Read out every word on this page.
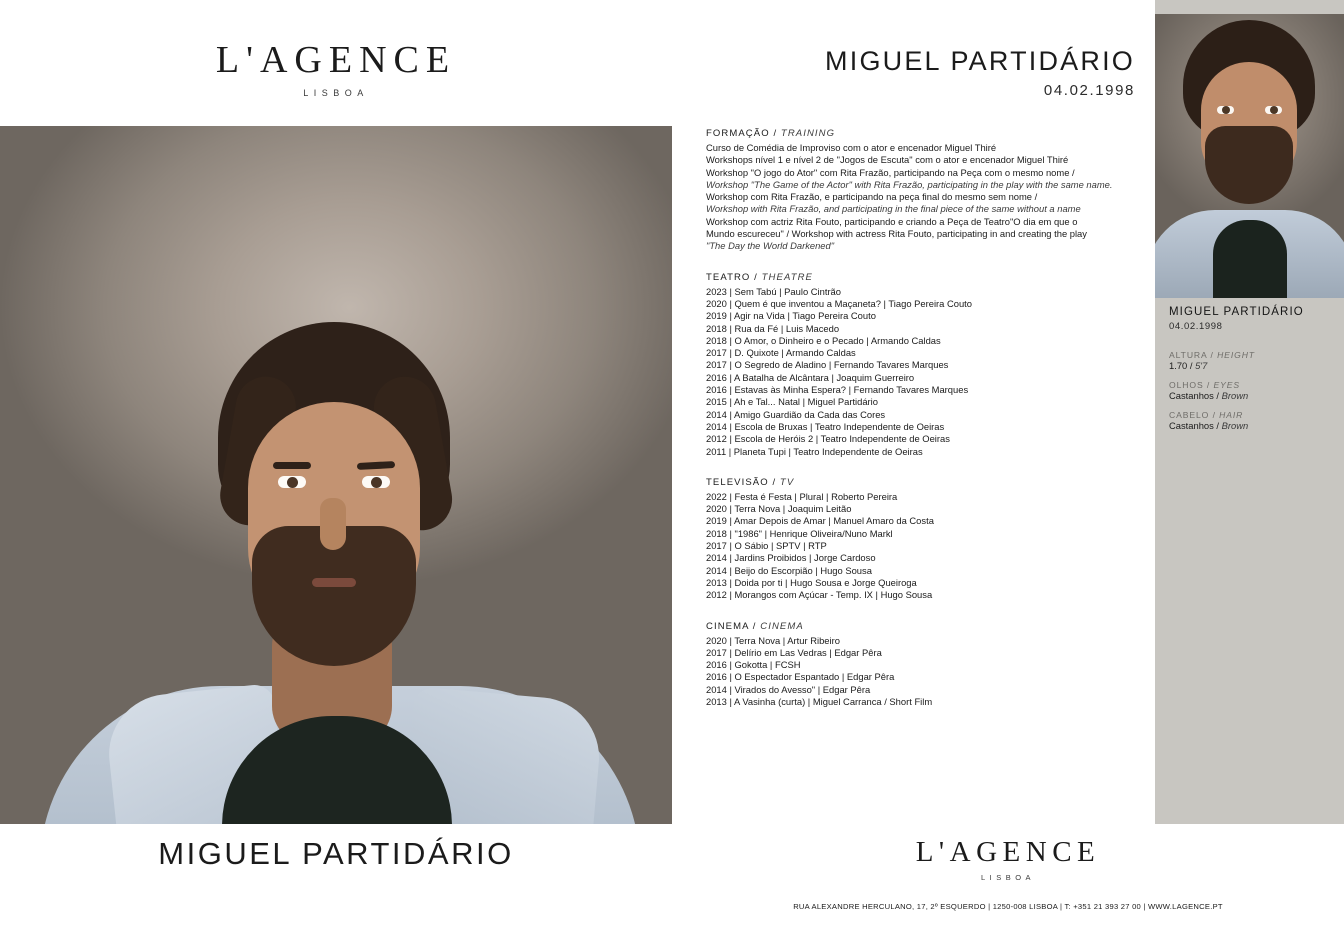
L'AGENCE
LISBOA
MIGUEL PARTIDÁRIO
MIGUEL PARTIDÁRIO
04.02.1998
FORMAÇÃO / TRAINING
Curso de Comédia de Improviso com o ator e encenador Miguel Thiré
Workshops nível 1 e nível 2 de "Jogos de Escuta" com o ator e encenador Miguel Thiré
Workshop "O jogo do Ator" com Rita Frazão, participando na Peça com o mesmo nome /
Workshop "The Game of the Actor" with Rita Frazão, participating in the play with the same name.
Workshop com Rita Frazão, e participando na peça final do mesmo sem nome /
Workshop with Rita Frazão, and participating in the final piece of the same without a name
Workshop com actriz Rita Fouto, participando e criando a Peça de Teatro"O dia em que o
Mundo escureceu" / Workshop with actress Rita Fouto, participating in and creating the play
"The Day the World Darkened"
TEATRO / THEATRE
2023 | Sem Tabú | Paulo Cintrão
2020 | Quem é que inventou a Maçaneta? | Tiago Pereira Couto
2019 | Agir na Vida | Tiago Pereira Couto
2018 | Rua da Fé | Luis Macedo
2018 | O Amor, o Dinheiro e o Pecado | Armando Caldas
2017 | D. Quixote | Armando Caldas
2017 | O Segredo de Aladino | Fernando Tavares Marques
2016 | A Batalha de Alcântara | Joaquim Guerreiro
2016 | Estavas às Minha Espera? | Fernando Tavares Marques
2015 | Ah e Tal... Natal | Miguel Partidário
2014 | Amigo Guardião da Cada das Cores
2014 | Escola de Bruxas | Teatro Independente de Oeiras
2012 | Escola de Heróis 2 | Teatro Independente de Oeiras
2011 | Planeta Tupi | Teatro Independente de Oeiras
TELEVISÃO / TV
2022 | Festa é Festa | Plural | Roberto Pereira
2020 | Terra Nova | Joaquim Leitão
2019 | Amar Depois de Amar | Manuel Amaro da Costa
2018 | "1986" | Henrique Oliveira/Nuno Markl
2017 | O Sábio | SPTV | RTP
2014 | Jardins Proibidos | Jorge Cardoso
2014 | Beijo do Escorpião | Hugo Sousa
2013 | Doida por ti | Hugo Sousa e Jorge Queiroga
2012 | Morangos com Açúcar - Temp. IX | Hugo Sousa
CINEMA / CINEMA
2020 | Terra Nova | Artur Ribeiro
2017 | Delírio em Las Vedras | Edgar Pêra
2016 | Gokotta | FCSH
2016 | O Espectador Espantado | Edgar Pêra
2014 | Virados do Avesso" | Edgar Pêra
2013 | A Vasinha (curta) | Miguel Carranca / Short Film
MIGUEL PARTIDÁRIO
04.02.1998
ALTURA / HEIGHT
1.70 / 5'7
OLHOS / EYES
Castanhos / Brown
CABELO / HAIR
Castanhos / Brown
L'AGENCE
LISBOA
RUA ALEXANDRE HERCULANO, 17, 2º ESQUERDO | 1250-008 LISBOA | T: +351 21 393 27 00 | WWW.LAGENCE.PT
